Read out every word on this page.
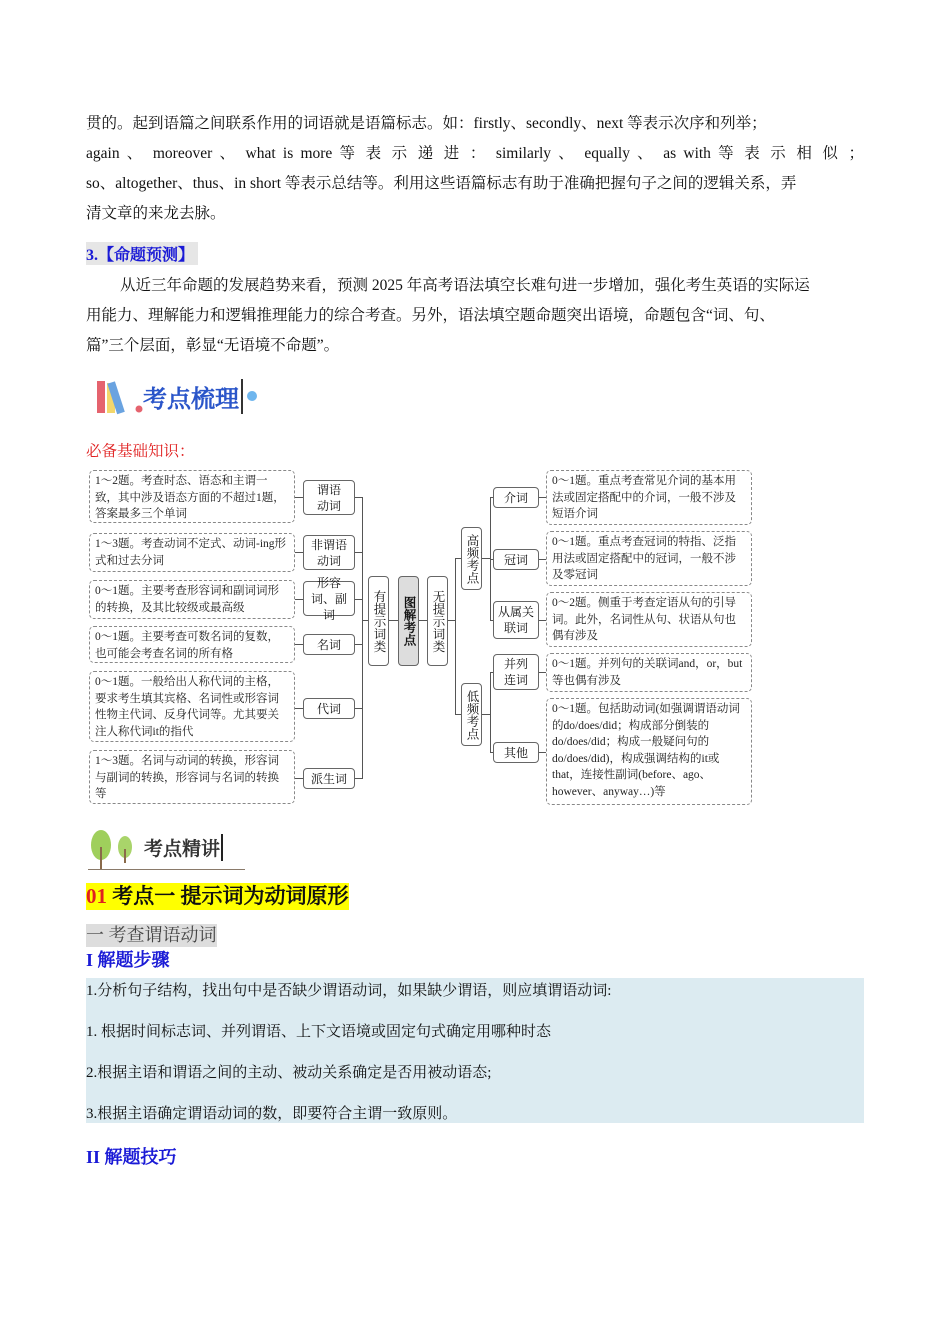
贯的。起到语篇之间联系作用的词语就是语篇标志。如：firstly、secondly、next 等表示次序和列举；
again 、 moreover 、 what is more 等 表 示 递 进 ： similarly 、 equally 、 as with 等 表 示 相 似 ；
so、altogether、thus、in short 等表示总结等。利用这些语篇标志有助于准确把握句子之间的逻辑关系，弄
清文章的来龙去脉。
3.【命题预测】
从近三年命题的发展趋势来看，预测 2025 年高考语法填空长难句进一步增加，强化考生英语的实际运
用能力、理解能力和逻辑推理能力的综合考查。另外，语法填空题命题突出语境，命题包含“词、句、
篇”三个层面，彰显“无语境不命题”。
考点梳理
必备基础知识：
1～2题。考查时态、语态和主谓一致，其中涉及语态方面的不超过1题，答案最多三个单词
1～3题。考查动词不定式、动词-ing形式和过去分词
0～1题。主要考查形容词和副词词形的转换，及其比较级或最高级
0～1题。主要考查可数名词的复数，也可能会考查名词的所有格
0～1题。一般给出人称代词的主格，要求考生填其宾格、名词性或形容词性物主代词、反身代词等。尤其要关注人称代词it的指代
1～3题。名词与动词的转换，形容词与副词的转换，形容词与名词的转换等
谓语动词
非谓语动词
形容词、副词
名词
代词
派生词
有提示词类	图解考点	无提示词类
高频考点
低频考点
介词
冠词
从属关联词
并列连词
其他
0～1题。重点考查常见介词的基本用法或固定搭配中的介词，一般不涉及短语介词
0～1题。重点考查冠词的特指、泛指用法或固定搭配中的冠词，一般不涉及零冠词
0～2题。侧重于考查定语从句的引导词。此外，名词性从句、状语从句也偶有涉及
0～1题。并列句的关联词and，or，but等也偶有涉及
0～1题。包括助动词(如强调谓语动词的do/does/did；构成部分倒装的do/does/did；构成一般疑问句的do/does/did)，构成强调结构的it或that，连接性副词(before、ago、however、anyway…)等
考点精讲
01 考点一 提示词为动词原形
一 考查谓语动词
I 解题步骤
1.分析句子结构，找出句中是否缺少谓语动词，如果缺少谓语，则应填谓语动词:
1. 根据时间标志词、并列谓语、上下文语境或固定句式确定用哪种时态
2.根据主语和谓语之间的主动、被动关系确定是否用被动语态;
3.根据主语确定谓语动词的数，即要符合主谓一致原则。
II 解题技巧
